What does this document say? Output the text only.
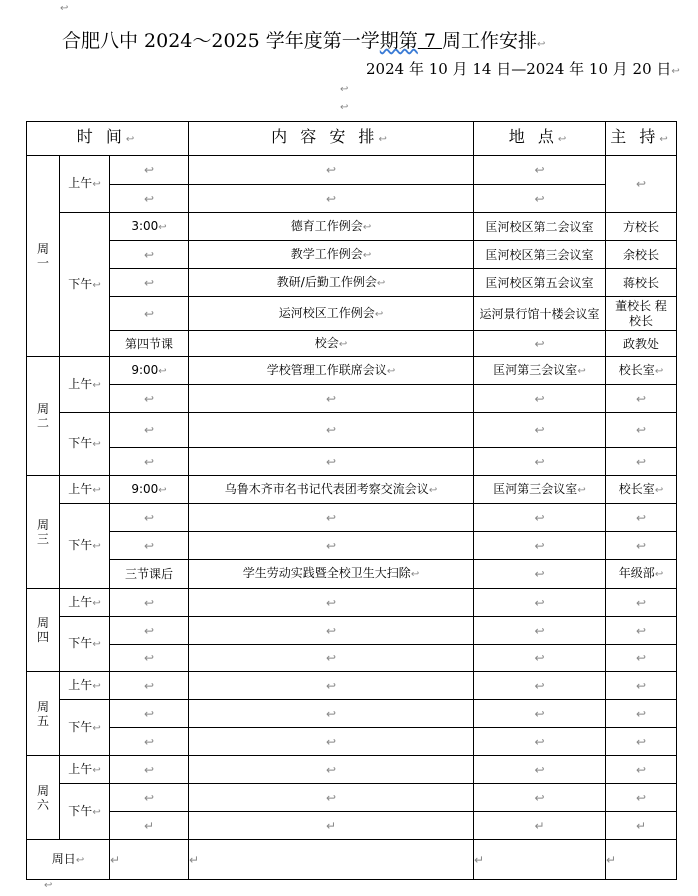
↩
合肥八中 2024～2025 学年度第一学期第 7 周工作安排↩
2024 年 10 月 14 日—2024 年 10 月 20 日↩
↩
↩
时 间↩			内 容 安 排↩	地 点↩	主 持↩
周
一	上午↩	↩	↩	↩	↩
		↩	↩	↩	
	下午↩	3:00↩	德育工作例会↩	匡河校区第二会议室	方校长
		↩	教学工作例会↩	匡河校区第三会议室	余校长
		↩	教研/后勤工作例会↩	匡河校区第五会议室	蒋校长
		↩	运河校区工作例会↩	运河景行馆十楼会议室	董校长 程校长
		第四节课	校会↩	↩	政教处
周
二	上午↩	9:00↩	学校管理工作联席会议↩	匡河第三会议室↩	校长室↩
		↩	↩	↩	↩
	下午↩	↩	↩	↩	↩
		↩	↩	↩	↩
周
三	上午↩	9:00↩	乌鲁木齐市名书记代表团考察交流会议↩	匡河第三会议室↩	校长室↩
	下午↩	↩	↩	↩	↩
		↩	↩	↩	↩
		三节课后	学生劳动实践暨全校卫生大扫除↩	↩	年级部↩
周
四	上午↩	↩	↩	↩	↩
	下午↩	↩	↩	↩	↩
		↩	↩	↩	↩
周
五	上午↩	↩	↩	↩	↩
	下午↩	↩	↩	↩	↩
		↩	↩	↩	↩
周
六	上午↩	↩	↩	↩	↩
	下午↩	↩	↩	↩	↩
		↵	↵	↵	↵
周日↩		↵	↵	↵	↵
↩
